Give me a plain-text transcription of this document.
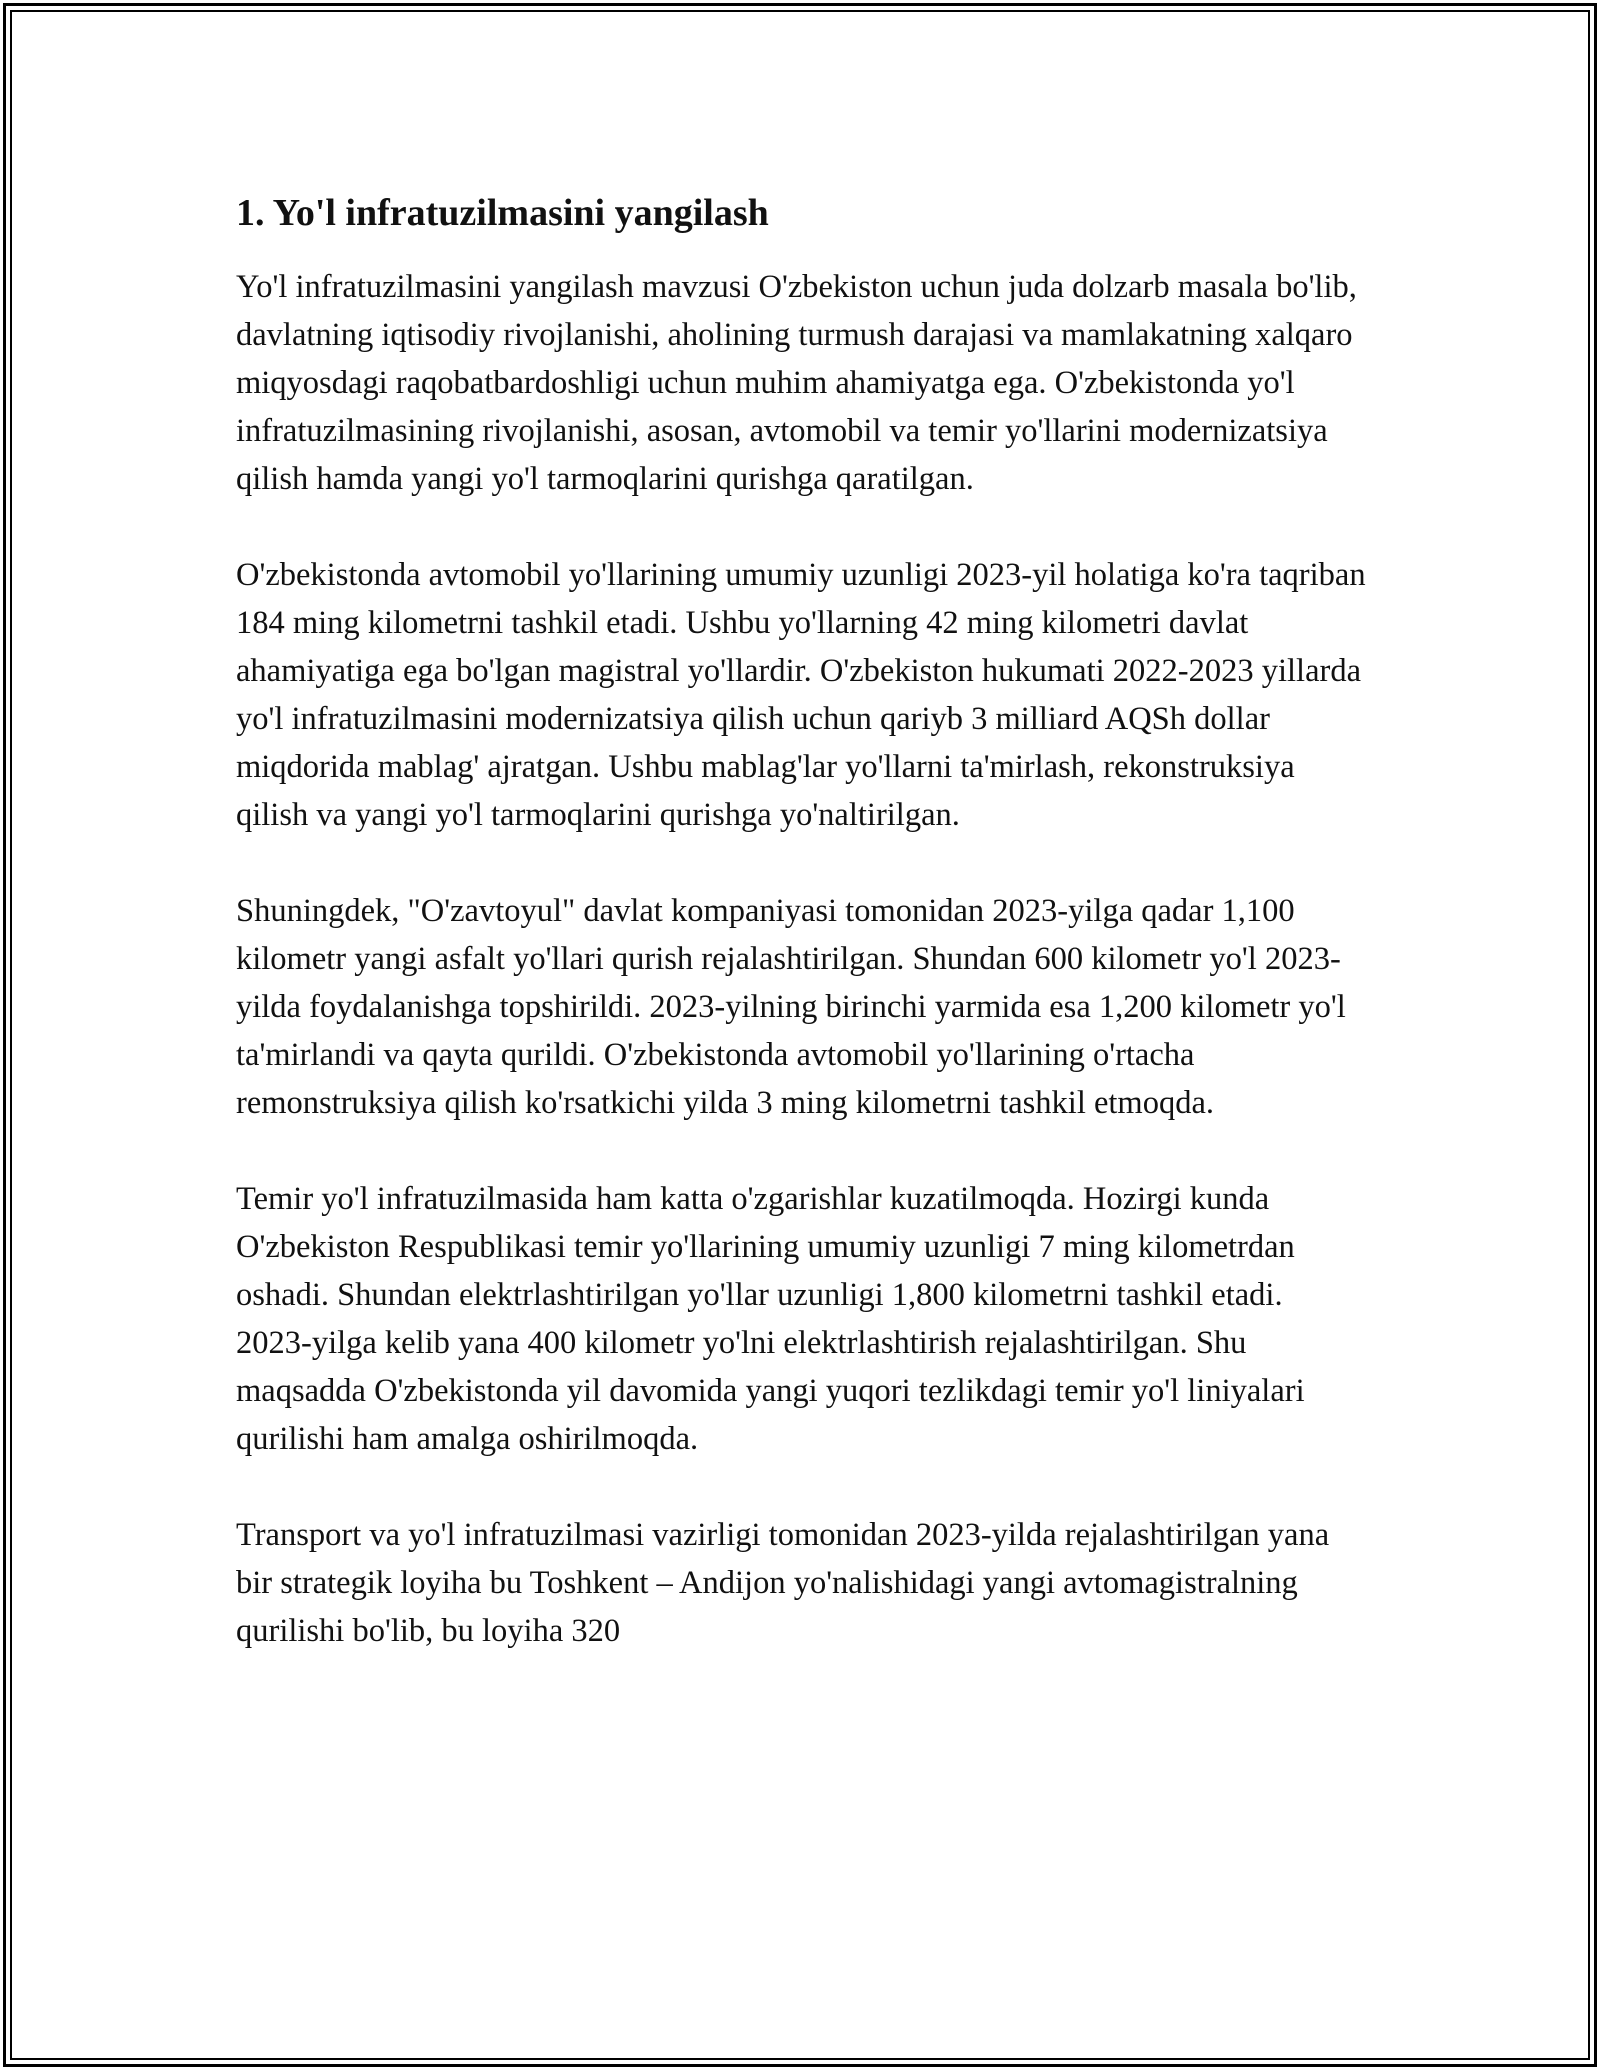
1. Yo'l infratuzilmasini yangilash

Yo'l infratuzilmasini yangilash mavzusi O'zbekiston uchun juda dolzarb masala bo'lib, davlatning iqtisodiy rivojlanishi, aholining turmush darajasi va mamlakatning xalqaro miqyosdagi raqobatbardoshligi uchun muhim ahamiyatga ega. O'zbekistonda yo'l infratuzilmasining rivojlanishi, asosan, avtomobil va temir yo'llarini modernizatsiya qilish hamda yangi yo'l tarmoqlarini qurishga qaratilgan.

O'zbekistonda avtomobil yo'llarining umumiy uzunligi 2023-yil holatiga ko'ra taqriban 184 ming kilometrni tashkil etadi. Ushbu yo'llarning 42 ming kilometri davlat ahamiyatiga ega bo'lgan magistral yo'llardir. O'zbekiston hukumati 2022-2023 yillarda yo'l infratuzilmasini modernizatsiya qilish uchun qariyb 3 milliard AQSh dollar miqdorida mablag' ajratgan. Ushbu mablag'lar yo'llarni ta'mirlash, rekonstruksiya qilish va yangi yo'l tarmoqlarini qurishga yo'naltirilgan.

Shuningdek, "O'zavtoyul" davlat kompaniyasi tomonidan 2023-yilga qadar 1,100 kilometr yangi asfalt yo'llari qurish rejalashtirilgan. Shundan 600 kilometr yo'l 2023-yilda foydalanishga topshirildi. 2023-yilning birinchi yarmida esa 1,200 kilometr yo'l ta'mirlandi va qayta qurildi. O'zbekistonda avtomobil yo'llarining o'rtacha remonstruksiya qilish ko'rsatkichi yilda 3 ming kilometrni tashkil etmoqda.

Temir yo'l infratuzilmasida ham katta o'zgarishlar kuzatilmoqda. Hozirgi kunda O'zbekiston Respublikasi temir yo'llarining umumiy uzunligi 7 ming kilometrdan oshadi. Shundan elektrlashtirilgan yo'llar uzunligi 1,800 kilometrni tashkil etadi. 2023-yilga kelib yana 400 kilometr yo'lni elektrlashtirish rejalashtirilgan. Shu maqsadda O'zbekistonda yil davomida yangi yuqori tezlikdagi temir yo'l liniyalari qurilishi ham amalga oshirilmoqda.

Transport va yo'l infratuzilmasi vazirligi tomonidan 2023-yilda rejalashtirilgan yana bir strategik loyiha bu Toshkent – Andijon yo'nalishidagi yangi avtomagistralning qurilishi bo'lib, bu loyiha 320
